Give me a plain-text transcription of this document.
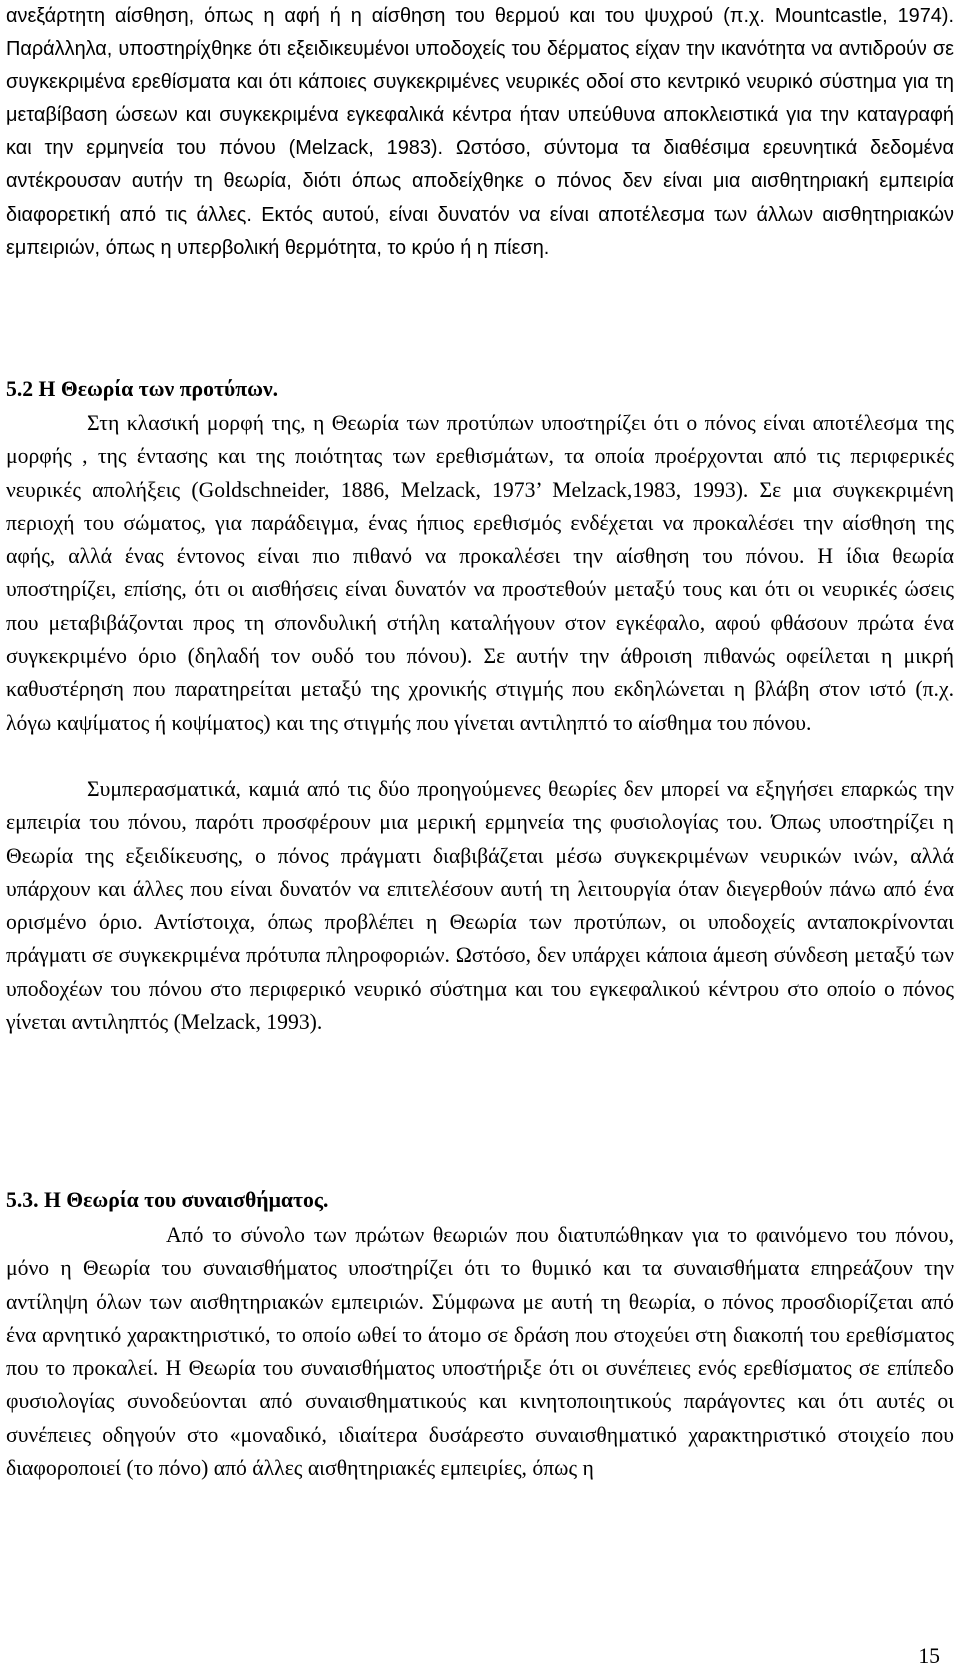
ανεξάρτητη αίσθηση, όπως η αφή ή η αίσθηση του θερμού και του ψυχρού (π.χ. Mountcastle, 1974). Παράλληλα, υποστηρίχθηκε ότι εξειδικευμένοι υποδοχείς του δέρματος είχαν την ικανότητα να αντιδρούν σε συγκεκριμένα ερεθίσματα και ότι κάποιες συγκεκριμένες νευρικές οδοί στο κεντρικό νευρικό σύστημα για τη μεταβίβαση ώσεων και συγκεκριμένα εγκεφαλικά κέντρα ήταν υπεύθυνα αποκλειστικά για την καταγραφή και την ερμηνεία του πόνου (Melzack, 1983). Ωστόσο, σύντομα τα διαθέσιμα ερευνητικά δεδομένα αντέκρουσαν αυτήν τη θεωρία, διότι όπως αποδείχθηκε ο πόνος δεν είναι μια αισθητηριακή εμπειρία διαφορετική από τις άλλες. Εκτός αυτού, είναι δυνατόν να είναι αποτέλεσμα των άλλων αισθητηριακών εμπειριών, όπως η υπερβολική θερμότητα, το κρύο ή η πίεση.

5.2 Η Θεωρία των προτύπων.

Στη κλασική μορφή της, η Θεωρία των προτύπων υποστηρίζει ότι ο πόνος είναι αποτέλεσμα της μορφής , της έντασης και της ποιότητας των ερεθισμάτων, τα οποία προέρχονται από τις περιφερικές νευρικές απολήξεις (Goldschneider, 1886, Melzack, 1973’ Melzack,1983, 1993). Σε μια συγκεκριμένη περιοχή του σώματος, για παράδειγμα, ένας ήπιος ερεθισμός ενδέχεται να προκαλέσει την αίσθηση της αφής, αλλά ένας έντονος είναι πιο πιθανό να προκαλέσει την αίσθηση του πόνου. Η ίδια θεωρία υποστηρίζει, επίσης, ότι οι αισθήσεις είναι δυνατόν να προστεθούν μεταξύ τους και ότι οι νευρικές ώσεις που μεταβιβάζονται προς τη σπονδυλική στήλη καταλήγουν στον εγκέφαλο, αφού φθάσουν πρώτα ένα συγκεκριμένο όριο (δηλαδή τον ουδό του πόνου). Σε αυτήν την άθροιση πιθανώς οφείλεται η μικρή καθυστέρηση που παρατηρείται μεταξύ της χρονικής στιγμής που εκδηλώνεται η βλάβη στον ιστό (π.χ. λόγω καψίματος ή κοψίματος) και της στιγμής που γίνεται αντιληπτό το αίσθημα του πόνου.

Συμπερασματικά, καμιά από τις δύο προηγούμενες θεωρίες δεν μπορεί να εξηγήσει επαρκώς την εμπειρία του πόνου, παρότι προσφέρουν μια μερική ερμηνεία της φυσιολογίας του. Όπως υποστηρίζει η Θεωρία της εξειδίκευσης, ο πόνος πράγματι διαβιβάζεται μέσω συγκεκριμένων νευρικών ινών, αλλά υπάρχουν και άλλες που είναι δυνατόν να επιτελέσουν αυτή τη λειτουργία όταν διεγερθούν πάνω από ένα ορισμένο όριο. Αντίστοιχα, όπως προβλέπει η Θεωρία των προτύπων, οι υποδοχείς ανταποκρίνονται πράγματι σε συγκεκριμένα πρότυπα πληροφοριών. Ωστόσο, δεν υπάρχει κάποια άμεση σύνδεση μεταξύ των υποδοχέων του πόνου στο περιφερικό νευρικό σύστημα και του εγκεφαλικού κέντρου στο οποίο ο πόνος γίνεται αντιληπτός (Melzack, 1993).

5.3. Η Θεωρία του συναισθήματος.

Από το σύνολο των πρώτων θεωριών που διατυπώθηκαν για το φαινόμενο του πόνου, μόνο η Θεωρία του συναισθήματος υποστηρίζει ότι το θυμικό και τα συναισθήματα επηρεάζουν την αντίληψη όλων των αισθητηριακών εμπειριών. Σύμφωνα με αυτή τη θεωρία, ο πόνος προσδιορίζεται από ένα αρνητικό χαρακτηριστικό, το οποίο ωθεί το άτομο σε δράση που στοχεύει στη διακοπή του ερεθίσματος που το προκαλεί. Η Θεωρία του συναισθήματος υποστήριξε ότι οι συνέπειες ενός ερεθίσματος σε επίπεδο φυσιολογίας συνοδεύονται από συναισθηματικούς και κινητοποιητικούς παράγοντες και ότι αυτές οι συνέπειες οδηγούν στο «μοναδικό, ιδιαίτερα δυσάρεστο συναισθηματικό χαρακτηριστικό στοιχείο που διαφοροποιεί (το πόνο) από άλλες αισθητηριακές εμπειρίες, όπως η

15
